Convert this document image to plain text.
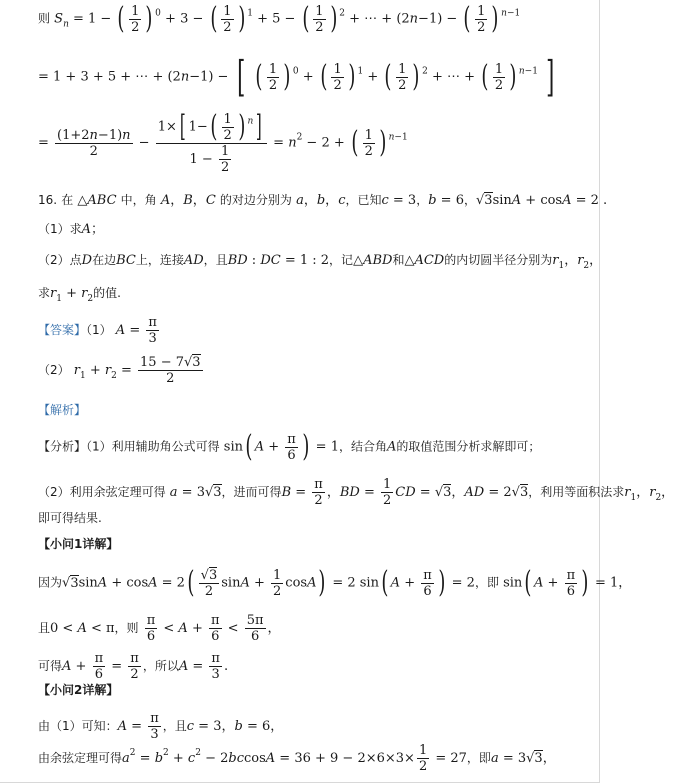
则 $S_n = 1$ − ( $\frac{1}{2}$ ) $^0$ + 3 − ( $\frac{1}{2}$ ) $^1$ + 5 − ( $\frac{1}{2}$ ) $^2$ + ⋯ + (2n−1) − ( $\frac{1}{2}$ ) $^{n-1}$
= 1 + 3 + 5 + ⋯ + (2n−1) − [ ( $\frac{1}{2}$ ) $^0$ + ( $\frac{1}{2}$ ) $^1$ + ( $\frac{1}{2}$ ) $^2$ + ⋯ + ( $\frac{1}{2}$ ) $^{n-1}$ ]
= $\frac{(1+2n-1)n}{2} - \frac{1\times[ 1-( \frac{1}{2} ) ^n]}{1 - \frac{1}{2}} = n^2 - 2$ + ( $\frac{1}{2}$ ) $^{n-1}$
16. 在 △ABC 中，角 A，B，C 的对边分别为 a，b，c，已知c = 3，b = 6，√3sinA + cosA = 2 .
（1）求A；
（2）点D在边BC上，连接AD，且BD : DC = 1 : 2，记△ABD和△ACD的内切圆半径分别为$r_1$，$r_2$，
求$r_1 + r_2$的值.
【答案】（1） $A = \frac{\pi}{3}$
（2） $r_1 + r_2 = \frac{15 - 7√3}{2}$
【解析】
【分析】（1）利用辅助角公式可得 sin( $A + \frac{\pi}{6}$ ) = 1，结合角A的取值范围分析求解即可；
（2）利用余弦定理可得 a = 3√3，进而可得$B = \frac{\pi}{2}$ ，BD = $\frac{1}{2}$ CD = √3，AD = 2√3，利用等面积法求$r_1$，$r_2$，
即可得结果.
【小问1详解】
因为$√3\sin A + \cos A = 2( \frac{√3}{2}$ $\sin A + \frac{1}{2} \cos A) = 2$ sin( $A + \frac{\pi}{6}$ ) = 2，即 sin( $A + \frac{\pi}{6}$ ) = 1，
且0 < A < π，则 $\frac{\pi}{6} < A + \frac{\pi}{6} < \frac{5\pi}{6}$ ，
可得$A + \frac{\pi}{6} = \frac{\pi}{2}$ ，所以$A = \frac{\pi}{3}$ .
【小问2详解】
由（1）可知：$A = \frac{\pi}{3}$ ，且c = 3，b = 6，
由余弦定理可得$a^2 = b^2 + c^2 - 2bccosA = 36 + 9 - 2\times 6\times 3\times \frac{1}{2} = 27$，即a = 3√3，
